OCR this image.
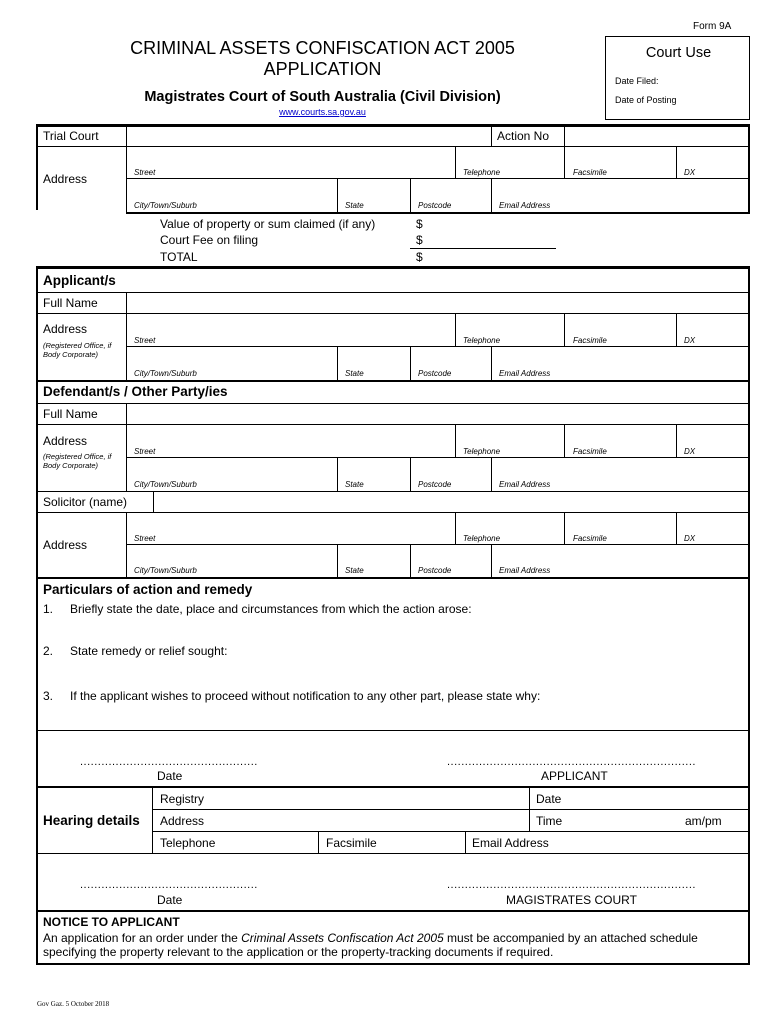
Form 9A
CRIMINAL ASSETS CONFISCATION ACT 2005
APPLICATION
Magistrates Court of South Australia (Civil Division)
www.courts.sa.gov.au
Court Use
Date Filed:
Date of Posting
Trial Court	Action No
Address	Street	Telephone	Facsimile	DX
City/Town/Suburb	State	Postcode	Email Address
Value of property or sum claimed (if any)	$
Court Fee on filing	$
TOTAL	$
Applicant/s
Full Name
Address
(Registered Office, if Body Corporate)
Street	Telephone	Facsimile	DX
City/Town/Suburb	State	Postcode	Email Address
Defendant/s / Other Party/ies
Full Name
Address
(Registered Office, if Body Corporate)
Street	Telephone	Facsimile	DX
City/Town/Suburb	State	Postcode	Email Address
Solicitor (name)
Address	Street	Telephone	Facsimile	DX
City/Town/Suburb	State	Postcode	Email Address
Particulars of action and remedy
1. Briefly state the date, place and circumstances from which the action arose:
2. State remedy or relief sought:
3. If the applicant wishes to proceed without notification to any other part, please state why:
..................................................	......................................................................
Date	APPLICANT
Hearing details
Registry	Date
Address	Time	am/pm
Telephone	Facsimile	Email Address
..................................................	......................................................................
Date	MAGISTRATES COURT
NOTICE TO APPLICANT
An application for an order under the Criminal Assets Confiscation Act 2005 must be accompanied by an attached schedule specifying the property relevant to the application or the property-tracking documents if required.
Gov Gaz. 5 October 2018
